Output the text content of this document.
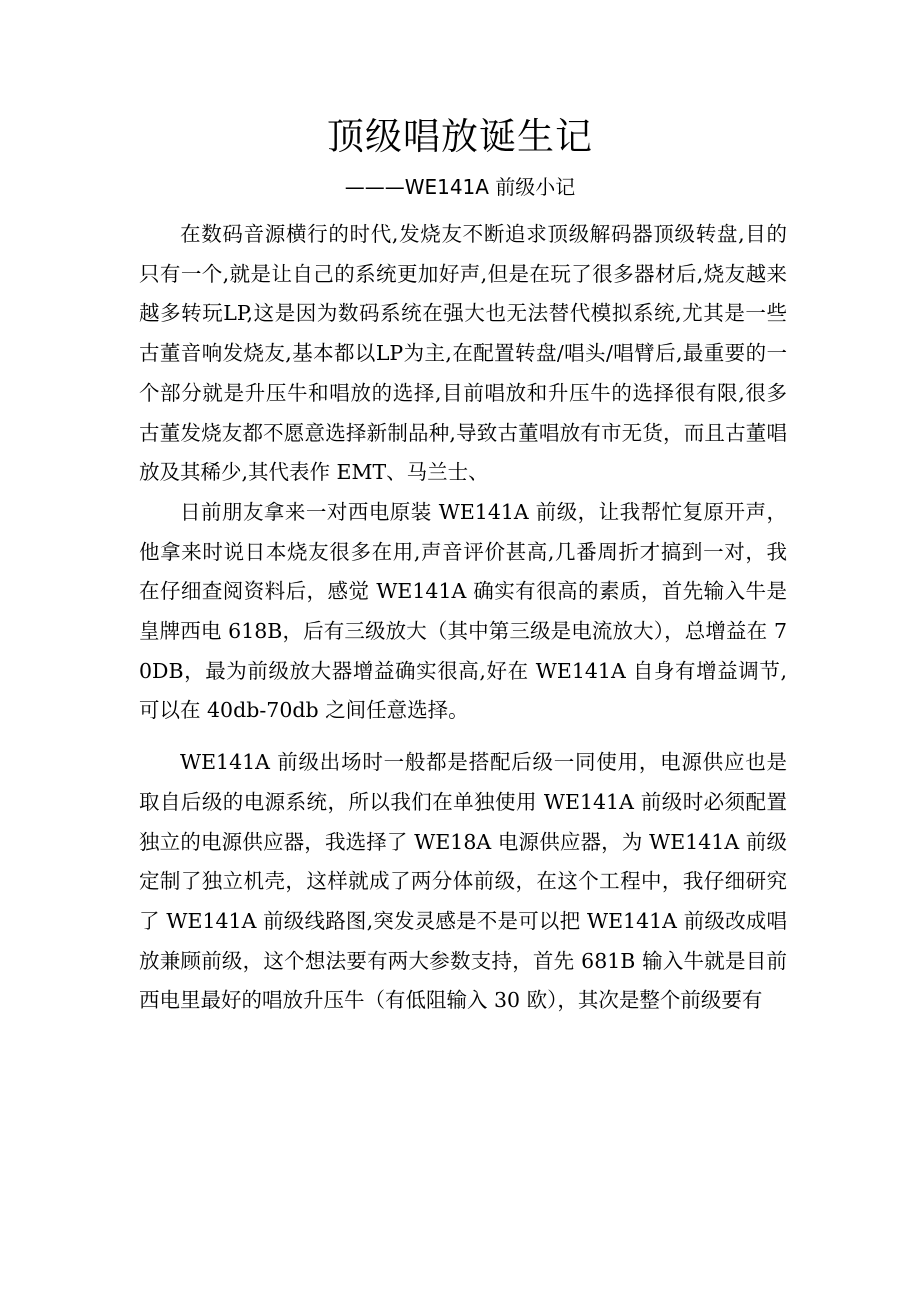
顶级唱放诞生记
———WE141A 前级小记

在数码音源横行的时代,发烧友不断追求顶级解码器顶级转盘,目的只有一个,就是让自己的系统更加好声,但是在玩了很多器材后,烧友越来越多转玩LP,这是因为数码系统在强大也无法替代模拟系统,尤其是一些古董音响发烧友,基本都以LP为主,在配置转盘/唱头/唱臂后,最重要的一个部分就是升压牛和唱放的选择,目前唱放和升压牛的选择很有限,很多古董发烧友都不愿意选择新制品种,导致古董唱放有市无货，而且古董唱放及其稀少,其代表作 EMT、马兰士、

日前朋友拿来一对西电原装 WE141A 前级，让我帮忙复原开声，他拿来时说日本烧友很多在用,声音评价甚高,几番周折才搞到一对，我在仔细查阅资料后，感觉 WE141A 确实有很高的素质，首先输入牛是皇牌西电 618B，后有三级放大（其中第三级是电流放大），总增益在 70DB，最为前级放大器增益确实很高,好在 WE141A 自身有增益调节,可以在 40db-70db 之间任意选择。

WE141A 前级出场时一般都是搭配后级一同使用，电源供应也是取自后级的电源系统，所以我们在单独使用 WE141A 前级时必须配置独立的电源供应器，我选择了 WE18A 电源供应器，为 WE141A 前级定制了独立机壳，这样就成了两分体前级，在这个工程中，我仔细研究了 WE141A 前级线路图,突发灵感是不是可以把 WE141A 前级改成唱放兼顾前级，这个想法要有两大参数支持，首先 681B 输入牛就是目前西电里最好的唱放升压牛（有低阻输入 30 欧），其次是整个前级要有
